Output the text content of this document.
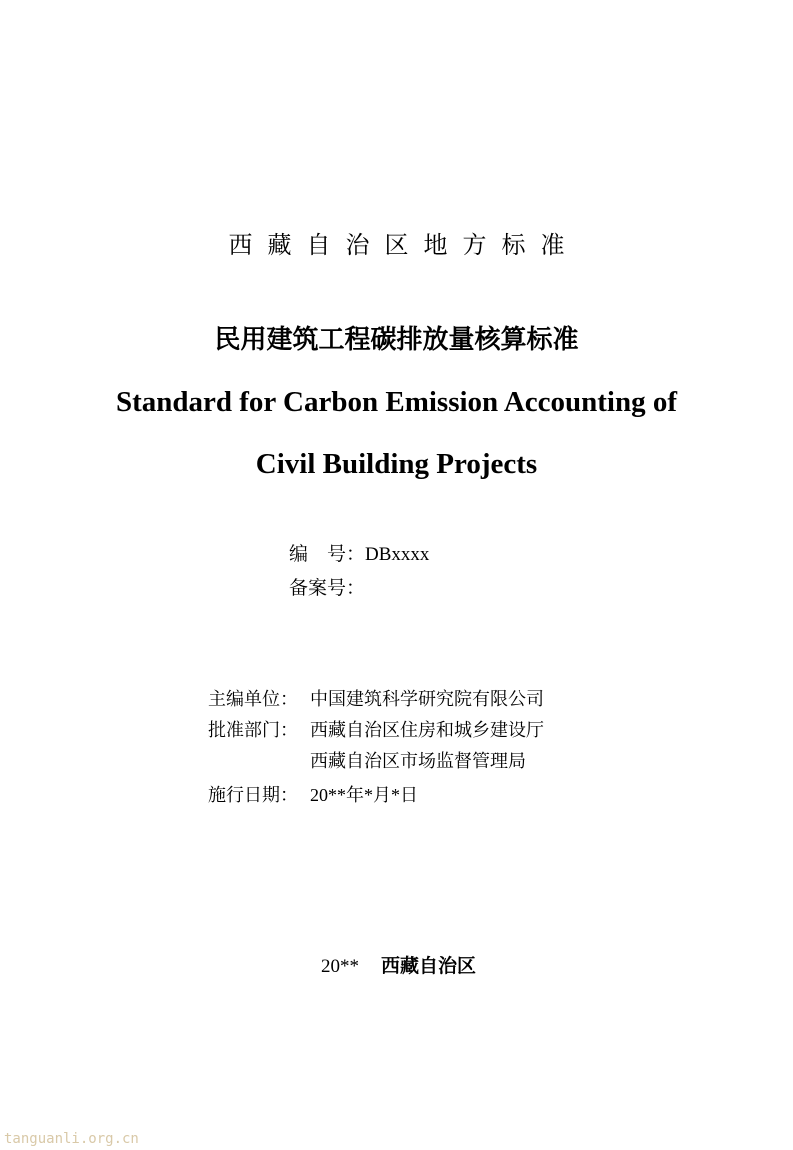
西藏自治区地方标准
民用建筑工程碳排放量核算标准
Standard for Carbon Emission Accounting of
Civil Building Projects
编　号：DBxxxx
备案号：
主编单位： 中国建筑科学研究院有限公司
批准部门： 西藏自治区住房和城乡建设厅
西藏自治区市场监督管理局
施行日期： 20**年*月*日
20** 西藏自治区
tanguanli.org.cn
